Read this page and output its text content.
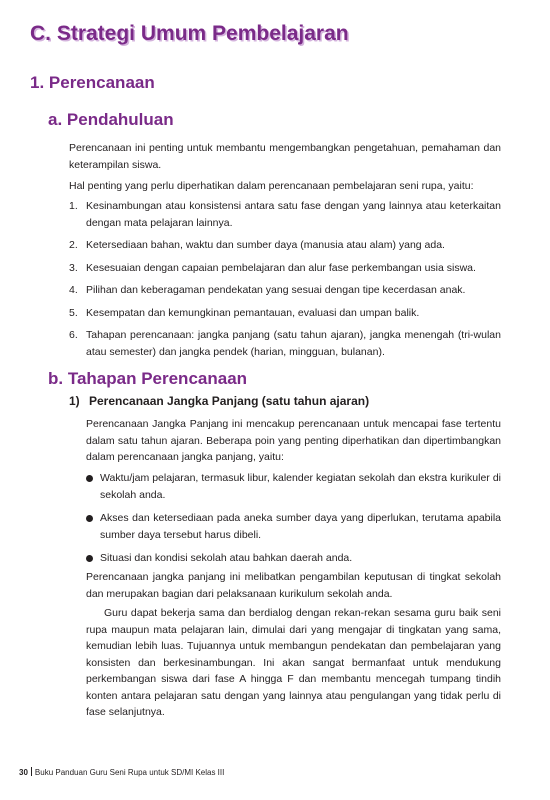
C. Strategi Umum Pembelajaran
1. Perencanaan
a. Pendahuluan

Perencanaan ini penting untuk membantu mengembangkan pengetahuan, pemahaman dan keterampilan siswa.

Hal penting yang perlu diperhatikan dalam perencanaan pembelajaran seni rupa, yaitu:

1. Kesinambungan atau konsistensi antara satu fase dengan yang lainnya atau keterkaitan dengan mata pelajaran lainnya.
2. Ketersediaan bahan, waktu dan sumber daya (manusia atau alam) yang ada.
3. Kesesuaian dengan capaian pembelajaran dan alur fase perkembangan usia siswa.
4. Pilihan dan keberagaman pendekatan yang sesuai dengan tipe kecerdasan anak.
5. Kesempatan dan kemungkinan pemantauan, evaluasi dan umpan balik.
6. Tahapan perencanaan: jangka panjang (satu tahun ajaran), jangka menengah (tri-wulan atau semester) dan jangka pendek (harian, mingguan, bulanan).
b. Tahapan Perencanaan
1) Perencanaan Jangka Panjang (satu tahun ajaran)

Perencanaan Jangka Panjang ini mencakup perencanaan untuk mencapai fase tertentu dalam satu tahun ajaran. Beberapa poin yang penting diperhatikan dan dipertimbangkan dalam perencanaan jangka panjang, yaitu:

Waktu/jam pelajaran, termasuk libur, kalender kegiatan sekolah dan ekstra kurikuler di sekolah anda.
Akses dan ketersediaan pada aneka sumber daya yang diperlukan, terutama apabila sumber daya tersebut harus dibeli.
Situasi dan kondisi sekolah atau bahkan daerah anda.

Perencanaan jangka panjang ini melibatkan pengambilan keputusan di tingkat sekolah dan merupakan bagian dari pelaksanaan kurikulum sekolah anda.

Guru dapat bekerja sama dan berdialog dengan rekan-rekan sesama guru baik seni rupa maupun mata pelajaran lain, dimulai dari yang mengajar di tingkatan yang sama, kemudian lebih luas. Tujuannya untuk membangun pendekatan dan pembelajaran yang konsisten dan berkesinambungan. Ini akan sangat bermanfaat untuk mendukung perkembangan siswa dari fase A hingga F dan membantu mencegah tumpang tindih konten antara pelajaran satu dengan yang lainnya atau pengulangan yang tidak perlu di fase selanjutnya.

30 Buku Panduan Guru Seni Rupa untuk SD/MI Kelas III
